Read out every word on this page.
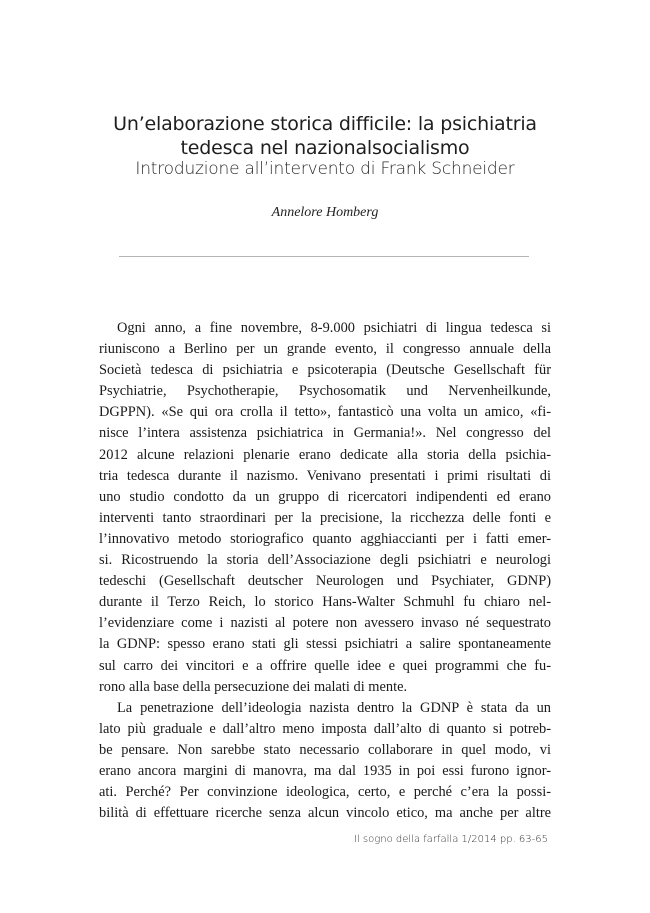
Un’elaborazione storica difficile: la psichiatria
tedesca nel nazionalsocialismo
Introduzione all’intervento di Frank Schneider
Annelore Homberg
Ogni anno, a fine novembre, 8-9.000 psichiatri di lingua tedesca si
riuniscono a Berlino per un grande evento, il congresso annuale della
Società tedesca di psichiatria e psicoterapia (Deutsche Gesellschaft für
Psychiatrie, Psychotherapie, Psychosomatik und Nervenheilkunde,
DGPPN). «Se qui ora crolla il tetto», fantasticò una volta un amico, «fi-
nisce l’intera assistenza psichiatrica in Germania!». Nel congresso del
2012 alcune relazioni plenarie erano dedicate alla storia della psichia-
tria tedesca durante il nazismo. Venivano presentati i primi risultati di
uno studio condotto da un gruppo di ricercatori indipendenti ed erano
interventi tanto straordinari per la precisione, la ricchezza delle fonti e
l’innovativo metodo storiografico quanto agghiaccianti per i fatti emer-
si. Ricostruendo la storia dell’Associazione degli psichiatri e neurologi
tedeschi (Gesellschaft deutscher Neurologen und Psychiater, GDNP)
durante il Terzo Reich, lo storico Hans-Walter Schmuhl fu chiaro nel-
l’evidenziare come i nazisti al potere non avessero invaso né sequestrato
la GDNP: spesso erano stati gli stessi psichiatri a salire spontaneamente
sul carro dei vincitori e a offrire quelle idee e quei programmi che fu-
rono alla base della persecuzione dei malati di mente.
La penetrazione dell’ideologia nazista dentro la GDNP è stata da un
lato più graduale e dall’altro meno imposta dall’alto di quanto si potreb-
be pensare. Non sarebbe stato necessario collaborare in quel modo, vi
erano ancora margini di manovra, ma dal 1935 in poi essi furono ignor-
ati. Perché? Per convinzione ideologica, certo, e perché c’era la possi-
bilità di effettuare ricerche senza alcun vincolo etico, ma anche per altre
Il sogno della farfalla 1/2014 pp. 63-65
